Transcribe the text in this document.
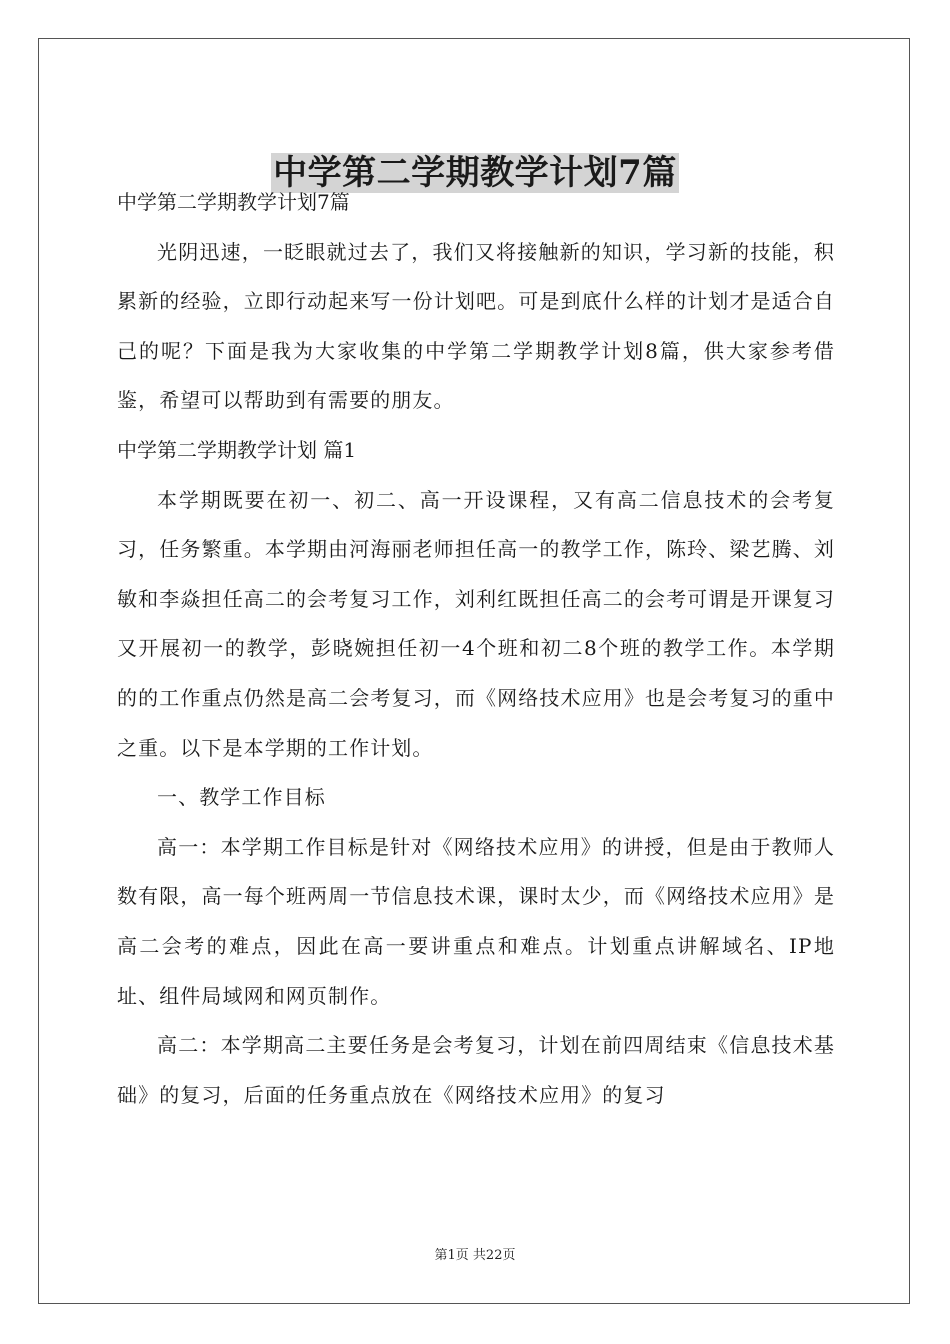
中学第二学期教学计划7篇

中学第二学期教学计划7篇

光阴迅速，一眨眼就过去了，我们又将接触新的知识，学习新的技能，积累新的经验，立即行动起来写一份计划吧。可是到底什么样的计划才是适合自己的呢？下面是我为大家收集的中学第二学期教学计划8篇，供大家参考借鉴，希望可以帮助到有需要的朋友。

中学第二学期教学计划 篇1

本学期既要在初一、初二、高一开设课程，又有高二信息技术的会考复习，任务繁重。本学期由河海丽老师担任高一的教学工作，陈玲、梁艺腾、刘敏和李焱担任高二的会考复习工作，刘利红既担任高二的会考可谓是开课复习又开展初一的教学，彭晓婉担任初一4个班和初二8个班的教学工作。本学期的的工作重点仍然是高二会考复习，而《网络技术应用》也是会考复习的重中之重。以下是本学期的工作计划。

一、教学工作目标

高一：本学期工作目标是针对《网络技术应用》的讲授，但是由于教师人数有限，高一每个班两周一节信息技术课，课时太少，而《网络技术应用》是高二会考的难点，因此在高一要讲重点和难点。计划重点讲解域名、IP地址、组件局域网和网页制作。

高二：本学期高二主要任务是会考复习，计划在前四周结束《信息技术基础》的复习，后面的任务重点放在《网络技术应用》的复习

第1页 共22页
